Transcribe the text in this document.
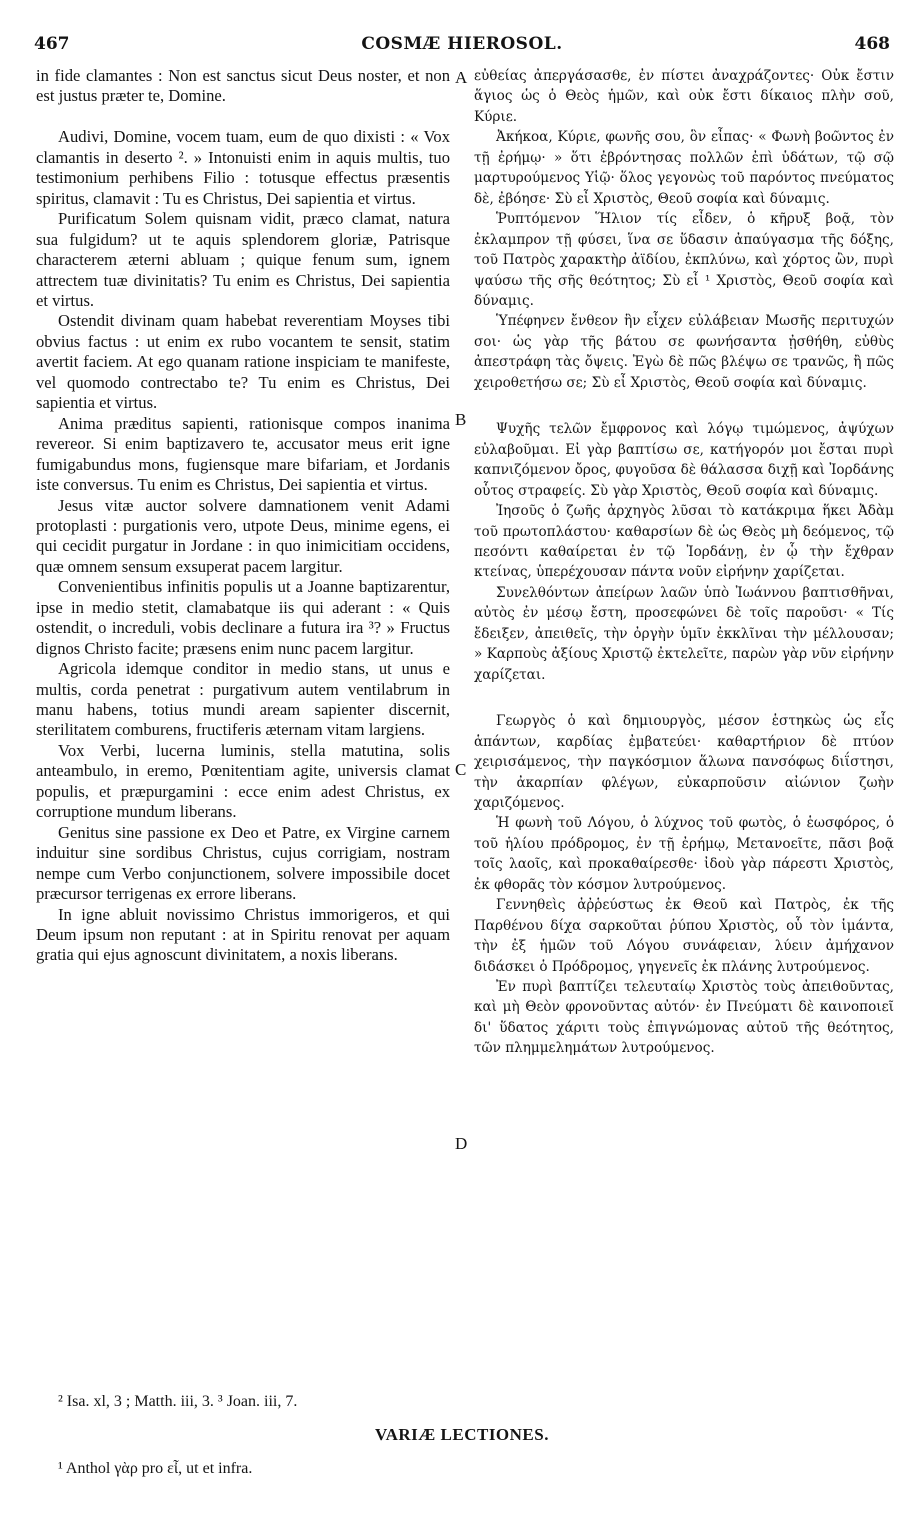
467	COSMÆ HIEROSOL.	468

in fide clamantes : Non est sanctus sicut Deus noster, et non est justus præter te, Domine.

Audivi, Domine, vocem tuam, eum de quo dixisti : « Vox clamantis in deserto ². » Intonuisti enim in aquis multis, tuo testimonium perhibens Filio : totusque effectus præsentis spiritus, clamavit : Tu es Christus, Dei sapientia et virtus.

Purificatum Solem quisnam vidit, præco clamat, natura sua fulgidum? ut te aquis splendorem gloriæ, Patrisque characterem æterni abluam ; quique fenum sum, ignem attrectem tuæ divinitatis? Tu enim es Christus, Dei sapientia et virtus.

Ostendit divinam quam habebat reverentiam Moyses tibi obvius factus : ut enim ex rubo vocantem te sensit, statim avertit faciem. At ego quanam ratione inspiciam te manifeste, vel quomodo contrectabo te? Tu enim es Christus, Dei sapientia et virtus.

Anima præditus sapienti, rationisque compos inanima revereor. Si enim baptizavero te, accusator meus erit igne fumigabundus mons, fugiensque mare bifariam, et Jordanis iste conversus. Tu enim es Christus, Dei sapientia et virtus.

Jesus vitæ auctor solvere damnationem venit Adami protoplasti : purgationis vero, utpote Deus, minime egens, ei qui cecidit purgatur in Jordane : in quo inimicitiam occidens, quæ omnem sensum exsuperat pacem largitur.

Convenientibus infinitis populis ut a Joanne baptizarentur, ipse in medio stetit, clamabatque iis qui aderant : « Quis ostendit, o increduli, vobis declinare a futura ira ³? » Fructus dignos Christo facite; præsens enim nunc pacem largitur.

Agricola idemque conditor in medio stans, ut unus e multis, corda penetrat : purgativum autem ventilabrum in manu habens, totius mundi aream sapienter discernit, sterilitatem comburens, fructiferis æternam vitam largiens.

Vox Verbi, lucerna luminis, stella matutina, solis anteambulo, in eremo, Pœnitentiam agite, universis clamat populis, et præpurgamini : ecce enim adest Christus, ex corruptione mundum liberans.

Genitus sine passione ex Deo et Patre, ex Virgine carnem induitur sine sordibus Christus, cujus corrigiam, nostram nempe cum Verbo conjunctionem, solvere impossibile docet præcursor terrigenas ex errore liberans.

In igne abluit novissimo Christus immorigeros, et qui Deum ipsum non reputant : at in Spiritu renovat per aquam gratia qui ejus agnoscunt divinitatem, a noxis liberans.

A
B
C
D

εὐθείας ἀπεργάσασθε, ἐν πίστει ἀναχράζοντες· Οὐκ ἔστιν ἅγιος ὡς ὁ Θεὸς ἡμῶν, καὶ οὐκ ἔστι δίκαιος πλὴν σοῦ, Κύριε.

Ἀκήκοα, Κύριε, φωνῆς σου, ὃν εἶπας· « Φωνὴ βοῶντος ἐν τῇ ἐρήμῳ· » ὅτι ἐβρόντησας πολλῶν ἐπὶ ὑδάτων, τῷ σῷ μαρτυρούμενος Υἱῷ· ὅλος γεγονὼς τοῦ παρόντος πνεύματος δὲ, ἐβόησε· Σὺ εἶ Χριστὸς, Θεοῦ σοφία καὶ δύναμις.

Ῥυπτόμενον Ἥλιον τίς εἶδεν, ὁ κῆρυξ βοᾷ, τὸν ἐκλαμπρον τῇ φύσει, ἵνα σε ὕδασιν ἀπαύγασμα τῆς δόξης, τοῦ Πατρὸς χαρακτὴρ ἀϊδίου, ἐκπλύνω, καὶ χόρτος ὢν, πυρὶ ψαύσω τῆς σῆς θεότητος; Σὺ εἶ ¹ Χριστὸς, Θεοῦ σοφία καὶ δύναμις.

Ὑπέφηνεν ἔνθεον ἣν εἶχεν εὐλάβειαν Μωσῆς περιτυχών σοι· ὡς γὰρ τῆς βάτου σε φωνήσαντα ᾐσθήθη, εὐθὺς ἀπεστράφη τὰς ὄψεις. Ἐγὼ δὲ πῶς βλέψω σε τρανῶς, ἢ πῶς χειροθετήσω σε; Σὺ εἶ Χριστὸς, Θεοῦ σοφία καὶ δύναμις.

Ψυχῆς τελῶν ἔμφρονος καὶ λόγῳ τιμώμενος, ἀψύχων εὐλαβοῦμαι. Εἰ γὰρ βαπτίσω σε, κατήγορόν μοι ἔσται πυρὶ καπνιζόμενον ὄρος, φυγοῦσα δὲ θάλασσα διχῇ καὶ Ἰορδάνης οὗτος στραφείς. Σὺ γὰρ Χριστὸς, Θεοῦ σοφία καὶ δύναμις.

Ἰησοῦς ὁ ζωῆς ἀρχηγὸς λῦσαι τὸ κατάκριμα ἥκει Ἀδὰμ τοῦ πρωτοπλάστου· καθαρσίων δὲ ὡς Θεὸς μὴ δεόμενος, τῷ πεσόντι καθαίρεται ἐν τῷ Ἰορδάνῃ, ἐν ᾧ τὴν ἔχθραν κτείνας, ὑπερέχουσαν πάντα νοῦν εἰρήνην χαρίζεται.

Συνελθόντων ἀπείρων λαῶν ὑπὸ Ἰωάννου βαπτισθῆναι, αὐτὸς ἐν μέσῳ ἔστη, προσεφώνει δὲ τοῖς παροῦσι· « Τίς ἔδειξεν, ἀπειθεῖς, τὴν ὀργὴν ὑμῖν ἐκκλῖναι τὴν μέλλουσαν; » Καρποὺς ἀξίους Χριστῷ ἐκτελεῖτε, παρὼν γὰρ νῦν εἰρήνην χαρίζεται.

Γεωργὸς ὁ καὶ δημιουργὸς, μέσον ἑστηκὼς ὡς εἷς ἁπάντων, καρδίας ἐμβατεύει· καθαρτήριον δὲ πτύον χειρισάμενος, τὴν παγκόσμιον ἅλωνα πανσόφως διΐστησι, τὴν ἀκαρπίαν φλέγων, εὐκαρποῦσιν αἰώνιον ζωὴν χαριζόμενος.

Ἡ φωνὴ τοῦ Λόγου, ὁ λύχνος τοῦ φωτὸς, ὁ ἑωσφόρος, ὁ τοῦ ἡλίου πρόδρομος, ἐν τῇ ἐρήμῳ, Μετανοεῖτε, πᾶσι βοᾷ τοῖς λαοῖς, καὶ προκαθαίρεσθε· ἰδοὺ γὰρ πάρεστι Χριστὸς, ἐκ φθορᾶς τὸν κόσμον λυτρούμενος.

Γεννηθεὶς ἀῤῥεύστως ἐκ Θεοῦ καὶ Πατρὸς, ἐκ τῆς Παρθένου δίχα σαρκοῦται ῥύπου Χριστὸς, οὗ τὸν ἱμάντα, τὴν ἐξ ἡμῶν τοῦ Λόγου συνάφειαν, λύειν ἀμήχανον διδάσκει ὁ Πρόδρομος, γηγενεῖς ἐκ πλάνης λυτρούμενος.

Ἐν πυρὶ βαπτίζει τελευταίῳ Χριστὸς τοὺς ἀπειθοῦντας, καὶ μὴ Θεὸν φρονοῦντας αὐτόν· ἐν Πνεύματι δὲ καινοποιεῖ δι' ὕδατος χάριτι τοὺς ἐπιγνώμονας αὐτοῦ τῆς θεότητος, τῶν πλημμελημάτων λυτρούμενος.

² Isa. xl, 3 ; Matth. iii, 3. ³ Joan. iii, 7.
VARIÆ LECTIONES.
¹ Anthol γὰρ pro εἶ, ut et infra.
